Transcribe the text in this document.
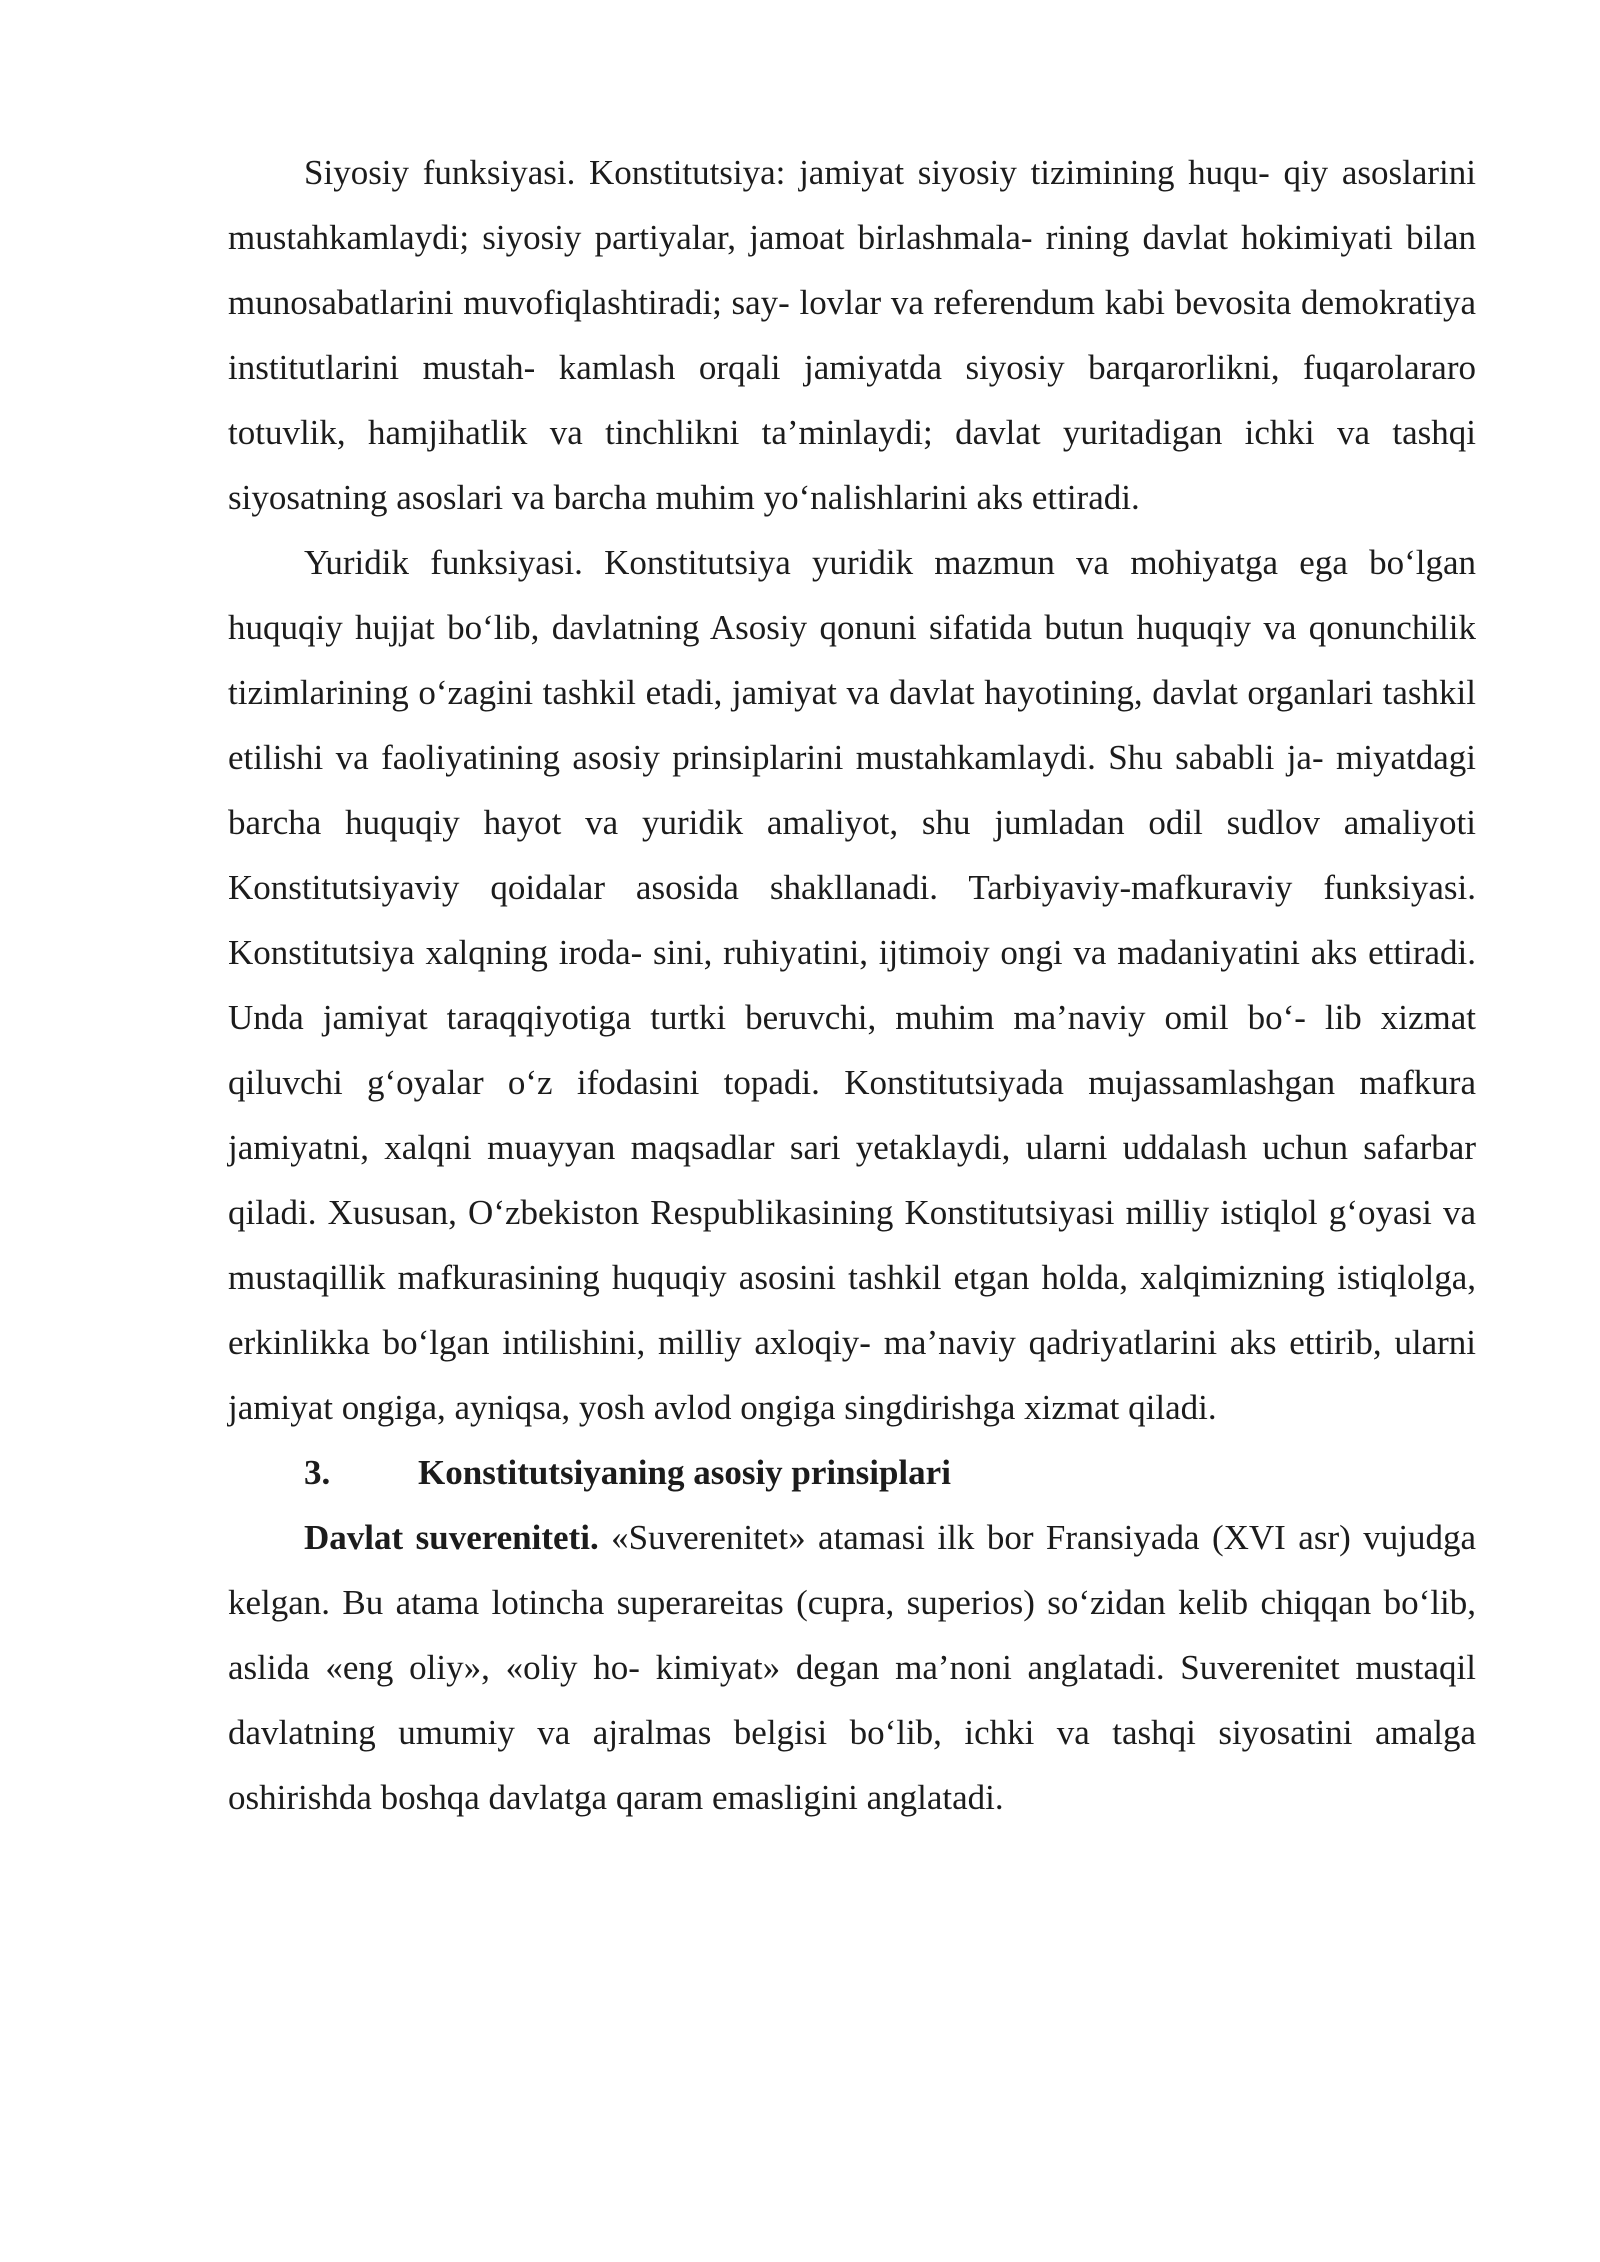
Siyosiy funksiyasi. Konstitutsiya: jamiyat siyosiy tizimining huqu- qiy asoslarini mustahkamlaydi; siyosiy partiyalar, jamoat birlashmala- rining davlat hokimiyati bilan munosabatlarini muvofiqlashtiradi; say- lovlar va referendum kabi bevosita demokratiya institutlarini mustah- kamlash orqali jamiyatda siyosiy barqarorlikni, fuqarolararo totuvlik, hamjihatlik va tinchlikni ta’minlaydi; davlat yuritadigan ichki va tashqi siyosatning asoslari va barcha muhim yo‘nalishlarini aks ettiradi.

Yuridik funksiyasi. Konstitutsiya yuridik mazmun va mohiyatga ega bo‘lgan huquqiy hujjat bo‘lib, davlatning Asosiy qonuni sifatida butun huquqiy va qonunchilik tizimlarining o‘zagini tashkil etadi, jamiyat va davlat hayotining, davlat organlari tashkil etilishi va faoliyatining asosiy prinsiplarini mustahkamlaydi. Shu sababli ja- miyatdagi barcha huquqiy hayot va yuridik amaliyot, shu jumladan odil sudlov amaliyoti Konstitutsiyaviy qoidalar asosida shakllanadi. Tarbiyaviy-mafkuraviy funksiyasi. Konstitutsiya xalqning iroda- sini, ruhiyatini, ijtimoiy ongi va madaniyatini aks ettiradi. Unda jamiyat taraqqiyotiga turtki beruvchi, muhim ma’naviy omil bo‘- lib xizmat qiluvchi g‘oyalar o‘z ifodasini topadi. Konstitutsiyada mujassamlashgan mafkura jamiyatni, xalqni muayyan maqsadlar sari yetaklaydi, ularni uddalash uchun safarbar qiladi. Xususan, O‘zbekiston Respublikasining Konstitutsiyasi milliy istiqlol g‘oyasi va mustaqillik mafkurasining huquqiy asosini tashkil etgan holda, xalqimizning istiqlolga, erkinlikka bo‘lgan intilishini, milliy axloqiy- ma’naviy qadriyatlarini aks ettirib, ularni jamiyat ongiga, ayniqsa, yosh avlod ongiga singdirishga xizmat qiladi.

3.	Konstitutsiyaning asosiy prinsiplari

Davlat suvereniteti. «Suverenitet» atamasi ilk bor Fransiyada (XVI asr) vujudga kelgan. Bu atama lotincha superareitas (cupra, superios) so‘zidan kelib chiqqan bo‘lib, aslida «eng oliy», «oliy ho- kimiyat» degan ma’noni anglatadi. Suverenitet mustaqil davlatning umumiy va ajralmas belgisi bo‘lib, ichki va tashqi siyosatini amalga oshirishda boshqa davlatga qaram emasligini anglatadi.
